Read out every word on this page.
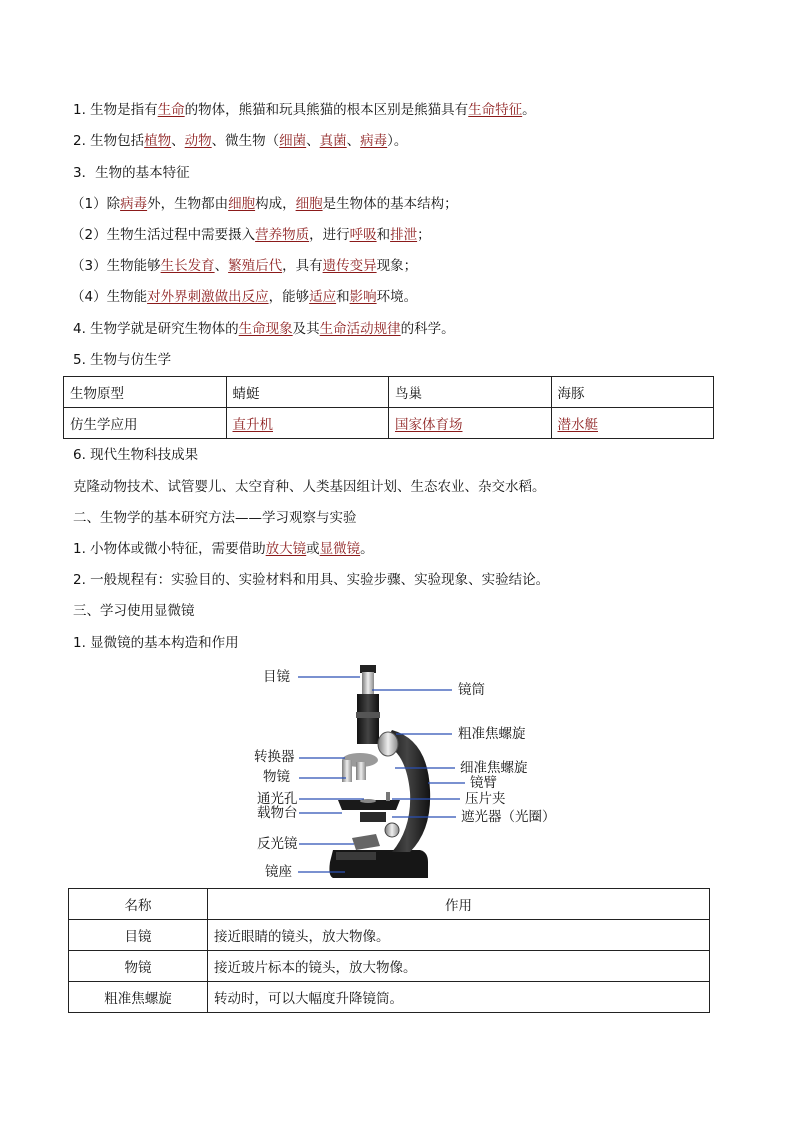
1. 生物是指有生命的物体，熊猫和玩具熊猫的根本区别是熊猫具有生命特征。
2. 生物包括植物、动物、微生物（细菌、真菌、病毒）。
3．生物的基本特征
（1）除病毒外，生物都由细胞构成，细胞是生物体的基本结构；
（2）生物生活过程中需要摄入营养物质，进行呼吸和排泄；
（3）生物能够生长发育、繁殖后代，具有遗传变异现象；
（4）生物能对外界刺激做出反应，能够适应和影响环境。
4. 生物学就是研究生物体的生命现象及其生命活动规律的科学。
5. 生物与仿生学
生物原型	蜻蜓	鸟巢	海豚
仿生学应用	直升机	国家体育场	潜水艇
6. 现代生物科技成果
克隆动物技术、试管婴儿、太空育种、人类基因组计划、生态农业、杂交水稻。
二、生物学的基本研究方法——学习观察与实验
1. 小物体或微小特征，需要借助放大镜或显微镜。
2. 一般规程有：实验目的、实验材料和用具、实验步骤、实验现象、实验结论。
三、学习使用显微镜
1. 显微镜的基本构造和作用
目镜
转换器
物镜
通光孔
载物台
反光镜
镜座
镜筒
粗准焦螺旋
细准焦螺旋
镜臂
压片夹
遮光器（光圈）
名称	作用
目镜	接近眼睛的镜头，放大物像。
物镜	接近玻片标本的镜头，放大物像。
粗准焦螺旋	转动时，可以大幅度升降镜筒。
